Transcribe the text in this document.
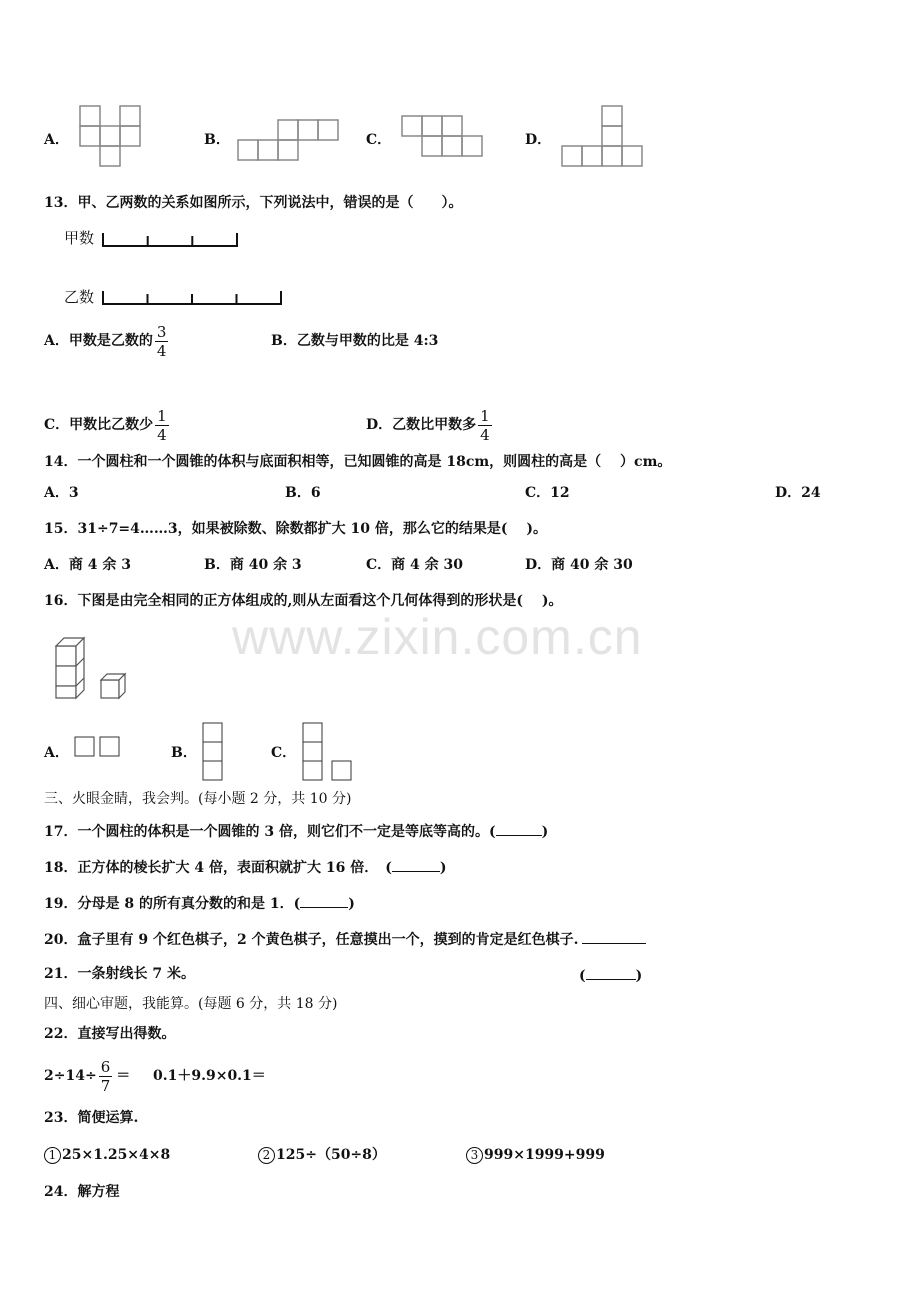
A．	B．	C．	D．
13．甲、乙两数的关系如图所示，下列说法中，错误的是（　　）。
甲数
乙数
A．甲数是乙数的 $\frac{3}{4}$	B．乙数与甲数的比是 4:3
C．甲数比乙数少 $\frac{1}{4}$	D．乙数比甲数多 $\frac{1}{4}$
14．一个圆柱和一个圆锥的体积与底面积相等，已知圆锥的高是 18cm，则圆柱的高是（　 ）cm。
A．3	B．6	C．12	D．24
15．31÷7=4……3，如果被除数、除数都扩大 10 倍，那么它的结果是(　 )。
A．商 4 余 3	B．商 40 余 3	C．商 4 余 30	D．商 40 余 30
16．下图是由完全相同的正方体组成的,则从左面看这个几何体得到的形状是(　 )。
www.zixin.com.cn
A．	B．	C．
三、火眼金睛，我会判。(每小题 2 分，共 10 分)
17．一个圆柱的体积是一个圆锥的 3 倍，则它们不一定是等底等高的。(	)
18．正方体的棱长扩大 4 倍，表面积就扩大 16 倍．　(	)
19．分母是 8 的所有真分数的和是 1．(	)
20．盒子里有 9 个红色棋子，2 个黄色棋子，任意摸出一个，摸到的肯定是红色棋子.
21．一条射线长 7 米。	(	)
四、细心审题，我能算。(每题 6 分，共 18 分)
22．直接写出得数。
$2\div 14\div \frac{6}{7} = 0.1+9.9\times 0.1=$
23．简便运算.
1 25×1.25×4×8	2 125÷（50÷8）	3 999×1999+999
24．解方程
